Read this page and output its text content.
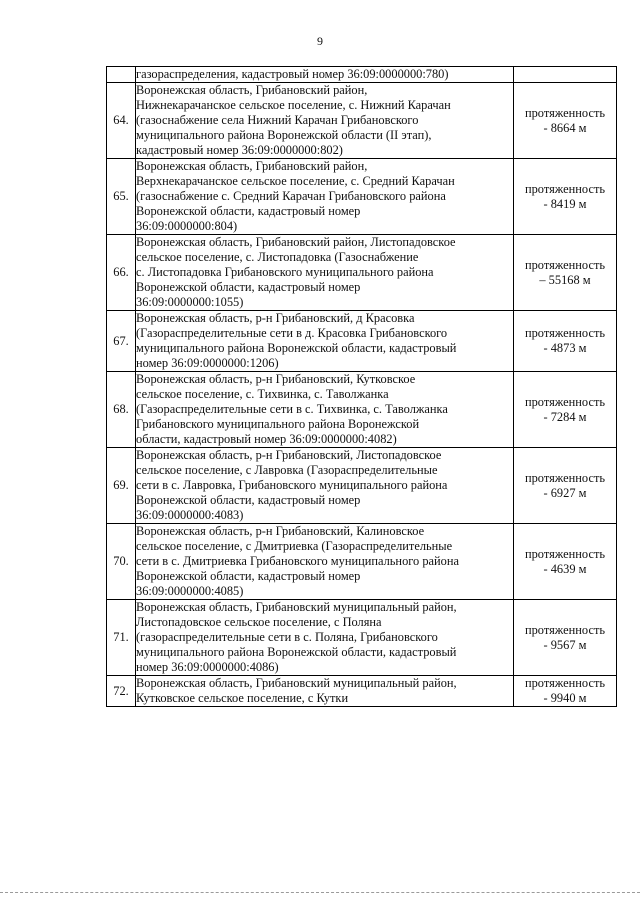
9
	газораспределения, кадастровый номер 36:09:0000000:780)	
64.	Воронежская область, Грибановский район,
Нижнекарачанское сельское поселение, с. Нижний Карачан
(газоснабжение села Нижний Карачан Грибановского
муниципального района Воронежской области (II этап),
кадастровый номер 36:09:0000000:802)	протяженность
- 8664 м

65.	Воронежская область, Грибановский район,
Верхнекарачанское сельское поселение, с. Средний Карачан
(газоснабжение с. Средний Карачан Грибановского района
Воронежской области, кадастровый номер
36:09:0000000:804)	протяженность
- 8419 м

66.	Воронежская область, Грибановский район, Листопадовское
сельское поселение, с. Листопадовка (Газоснабжение
с. Листопадовка Грибановского муниципального района
Воронежской области, кадастровый номер
36:09:0000000:1055)	протяженность
– 55168 м

67.	Воронежская область, р-н Грибановский, д Красовка
(Газораспределительные сети в д. Красовка Грибановского
муниципального района Воронежской области, кадастровый
номер 36:09:0000000:1206)	протяженность
- 4873 м

68.	Воронежская область, р-н Грибановский, Кутковское
сельское поселение, с. Тихвинка, с. Таволжанка
(Газораспределительные сети в с. Тихвинка, с. Таволжанка
Грибановского муниципального района Воронежской
области, кадастровый номер 36:09:0000000:4082)	протяженность
- 7284 м

69.	Воронежская область, р-н Грибановский, Листопадовское
сельское поселение, с Лавровка (Газораспределительные
сети в с. Лавровка, Грибановского муниципального района
Воронежской области, кадастровый номер
36:09:0000000:4083)	протяженность
- 6927 м

70.	Воронежская область, р-н Грибановский, Калиновское
сельское поселение, с Дмитриевка (Газораспределительные
сети в с. Дмитриевка Грибановского муниципального района
Воронежской области, кадастровый номер
36:09:0000000:4085)	протяженность
- 4639 м

71.	Воронежская область, Грибановский муниципальный район,
Листопадовское сельское поселение, с Поляна
(газораспределительные сети в с. Поляна, Грибановского
муниципального района Воронежской области, кадастровый
номер 36:09:0000000:4086)	протяженность
- 9567 м

72.	Воронежская область, Грибановский муниципальный район,
Кутковское сельское поселение, с Кутки	протяженность
- 9940 м
